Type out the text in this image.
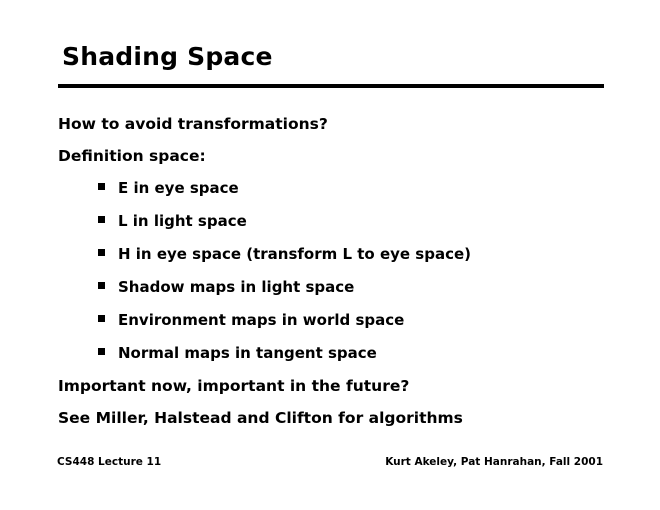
Shading Space
How to avoid transformations?
Definition space:
E in eye space
L in light space
H in eye space (transform L to eye space)
Shadow maps in light space
Environment maps in world space
Normal maps in tangent space
Important now, important in the future?
See Miller, Halstead and Clifton for algorithms
CS448 Lecture 11	Kurt Akeley, Pat Hanrahan, Fall 2001
